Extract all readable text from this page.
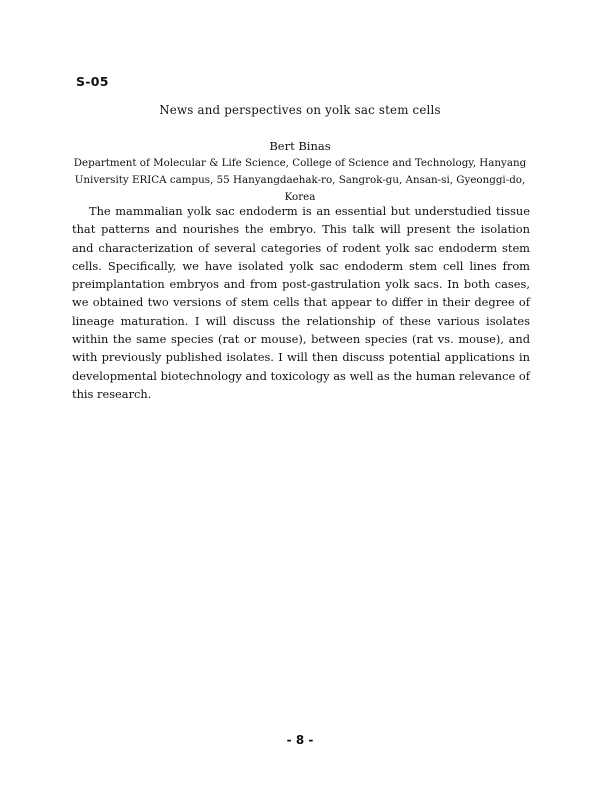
S-05
News and perspectives on yolk sac stem cells
Bert Binas
Department of Molecular & Life Science, College of Science and Technology, Hanyang
University ERICA campus, 55 Hanyangdaehak-ro, Sangrok-gu, Ansan-si, Gyeonggi-do, Korea

The mammalian yolk sac endoderm is an essential but understudied tissue that patterns and nourishes the embryo. This talk will present the isolation and characterization of several categories of rodent yolk sac endoderm stem cells. Specifically, we have isolated yolk sac endoderm stem cell lines from preimplantation embryos and from post-gastrulation yolk sacs. In both cases, we obtained two versions of stem cells that appear to differ in their degree of lineage maturation. I will discuss the relationship of these various isolates within the same species (rat or mouse), between species (rat vs. mouse), and with previously published isolates. I will then discuss potential applications in developmental biotechnology and toxicology as well as the human relevance of this research.

- 8 -
